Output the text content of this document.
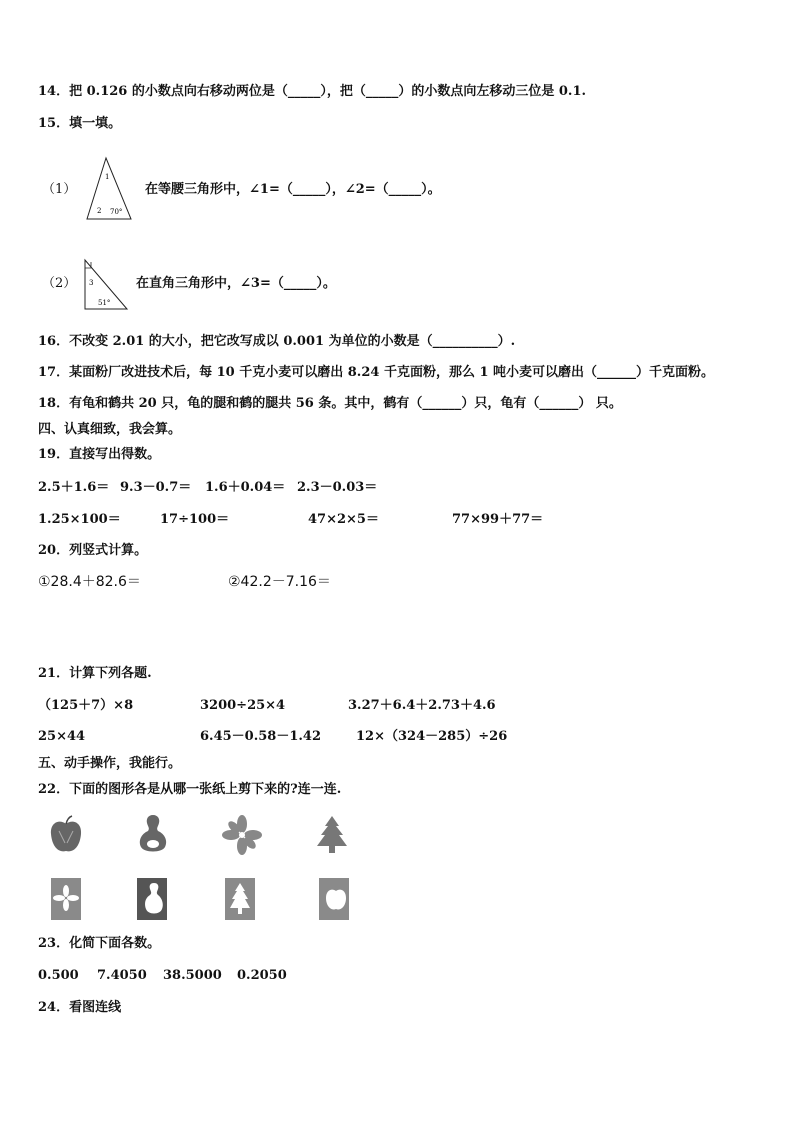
14．把 0.126 的小数点向右移动两位是（_____），把（_____）的小数点向左移动三位是 0.1.
15．填一填。
（1）
1
2 70°
在等腰三角形中，∠1=（_____），∠2=（_____）。
（2） 3
51°
在直角三角形中，∠3=（_____）。
16．不改变 2.01 的大小，把它改写成以 0.001 为单位的小数是（__________）.
17．某面粉厂改进技术后，每 10 千克小麦可以磨出 8.24 千克面粉，那么 1 吨小麦可以磨出（______）千克面粉。
18．有龟和鹤共 20 只，龟的腿和鹤的腿共 56 条。其中，鹤有（______）只，龟有（______） 只。
四、认真细致，我会算。
19．直接写出得数。
2.5＋1.6＝ 9.3－0.7＝ 1.6＋0.04＝ 2.3－0.03＝
1.25×100＝	17÷100＝	47×2×5＝	77×99＋77＝
20．列竖式计算。
①28.4＋82.6＝	②42.2－7.16＝
21．计算下列各题.
（125＋7）×8	3200÷25×4	3.27＋6.4＋2.73＋4.6
25×44	6.45－0.58－1.42	12×（324－285）÷26
五、动手操作，我能行。
22．下面的图形各是从哪一张纸上剪下来的?连一连.
23．化简下面各数。
0.500 7.4050 38.5000 0.2050
24．看图连线
